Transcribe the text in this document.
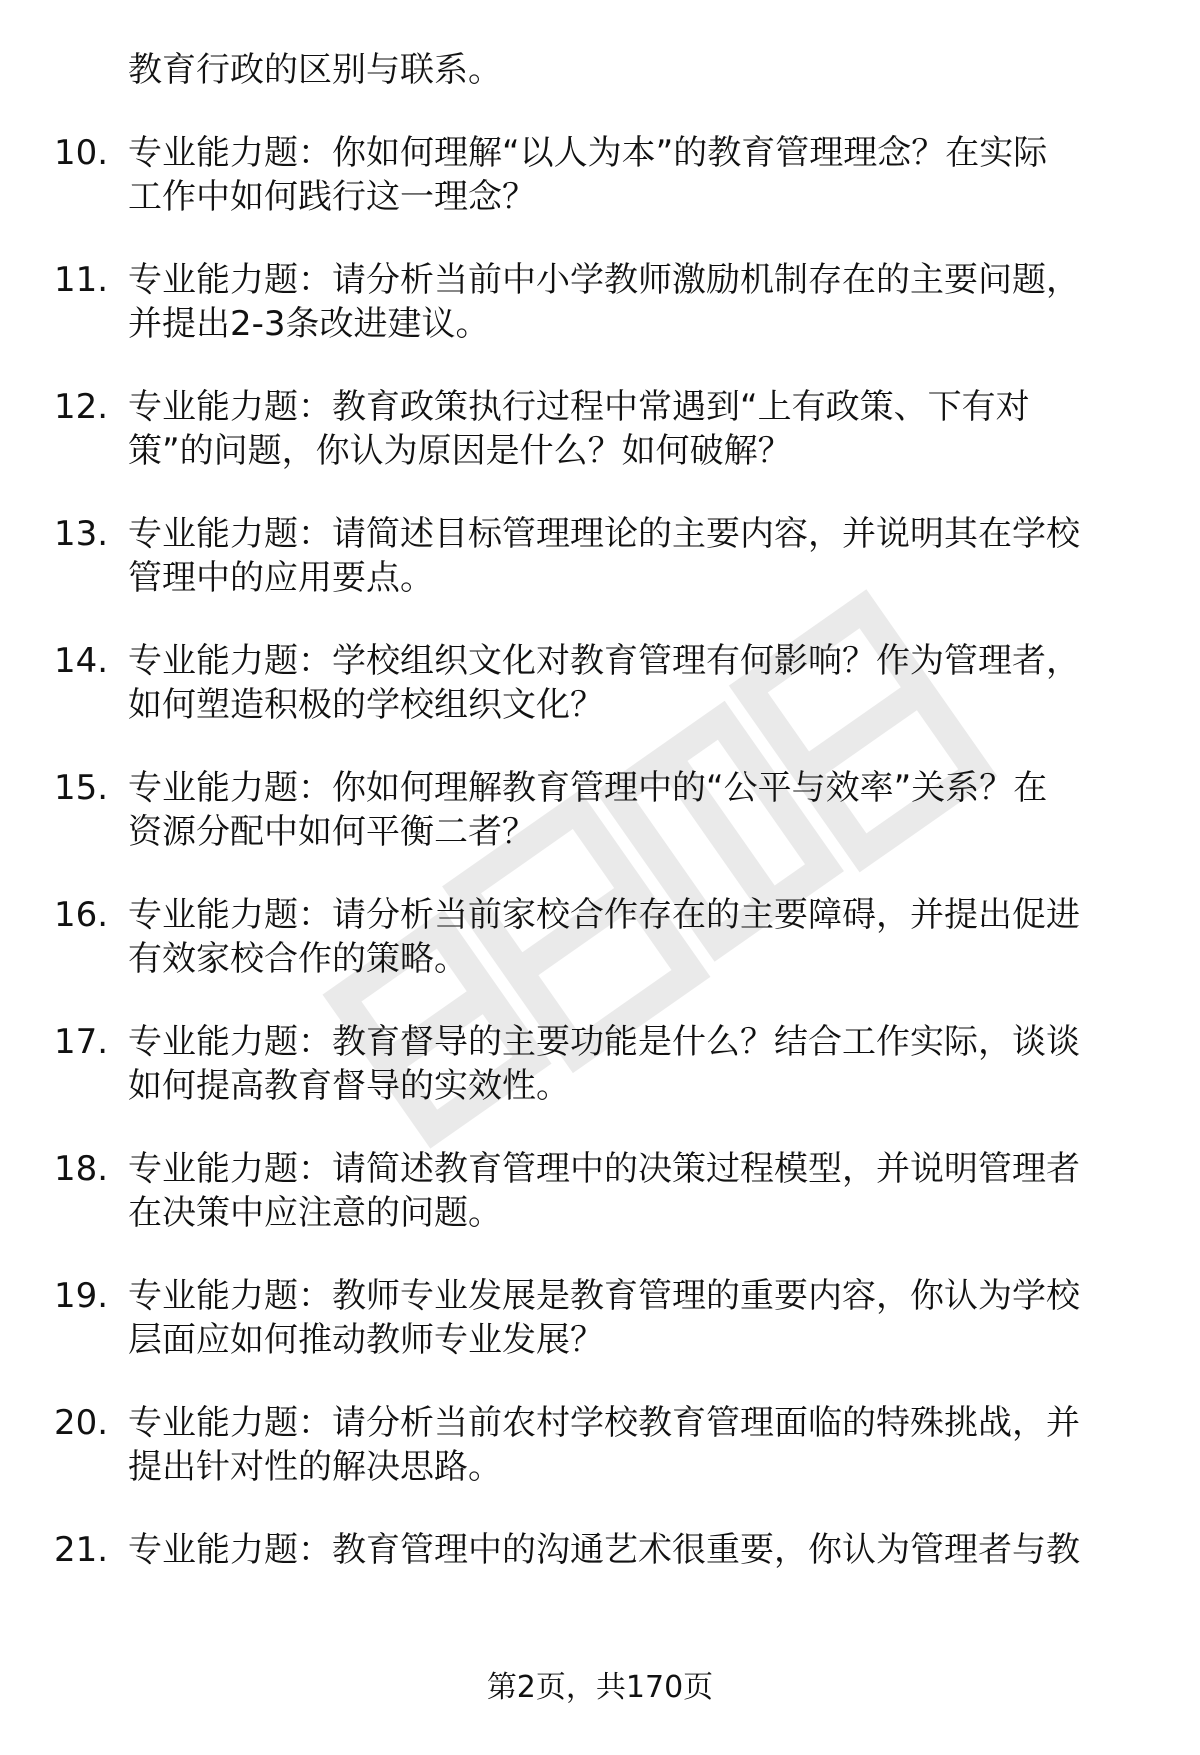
教育行政的区别与联系。
10. 专业能力题：你如何理解“以人为本”的教育管理理念？在实际
工作中如何践行这一理念？
11. 专业能力题：请分析当前中小学教师激励机制存在的主要问题，
并提出2-3条改进建议。
12. 专业能力题：教育政策执行过程中常遇到“上有政策、下有对
策”的问题，你认为原因是什么？如何破解？
13. 专业能力题：请简述目标管理理论的主要内容，并说明其在学校
管理中的应用要点。
14. 专业能力题：学校组织文化对教育管理有何影响？作为管理者，
如何塑造积极的学校组织文化？
15. 专业能力题：你如何理解教育管理中的“公平与效率”关系？在
资源分配中如何平衡二者？
16. 专业能力题：请分析当前家校合作存在的主要障碍，并提出促进
有效家校合作的策略。
17. 专业能力题：教育督导的主要功能是什么？结合工作实际，谈谈
如何提高教育督导的实效性。
18. 专业能力题：请简述教育管理中的决策过程模型，并说明管理者
在决策中应注意的问题。
19. 专业能力题：教师专业发展是教育管理的重要内容，你认为学校
层面应如何推动教师专业发展？
20. 专业能力题：请分析当前农村学校教育管理面临的特殊挑战，并
提出针对性的解决思路。
21. 专业能力题：教育管理中的沟通艺术很重要，你认为管理者与教
第2页，共170页
